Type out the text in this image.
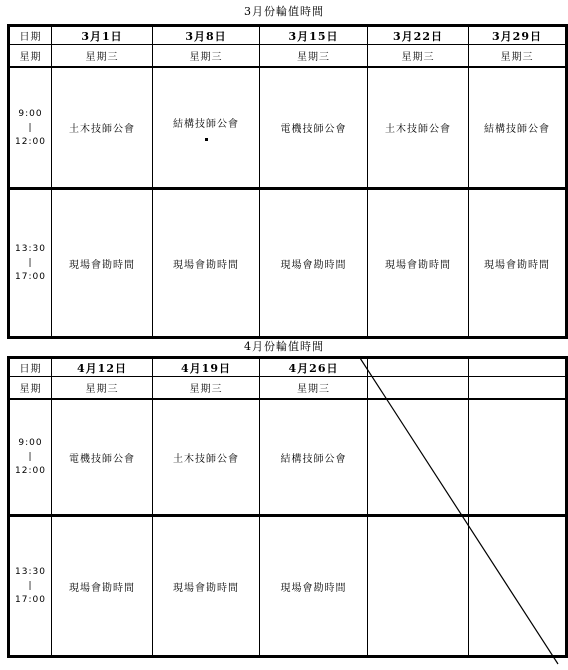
3月份輪值時間
日期	3月1日	3月8日	3月15日	3月22日	3月29日
星期	星期三	星期三	星期三	星期三	星期三

9:00
|
12:00	土木技師公會	結構技師公會	電機技師公會	土木技師公會	結構技師公會

13:30
|
17:00	現場會勘時間	現場會勘時間	現場會勘時間	現場會勘時間	現場會勘時間
4月份輪值時間
日期	4月12日	4月19日	4月26日		
星期	星期三	星期三	星期三		

9:00
|
12:00	電機技師公會	土木技師公會	結構技師公會		

13:30
|
17:00	現場會勘時間	現場會勘時間	現場會勘時間		
